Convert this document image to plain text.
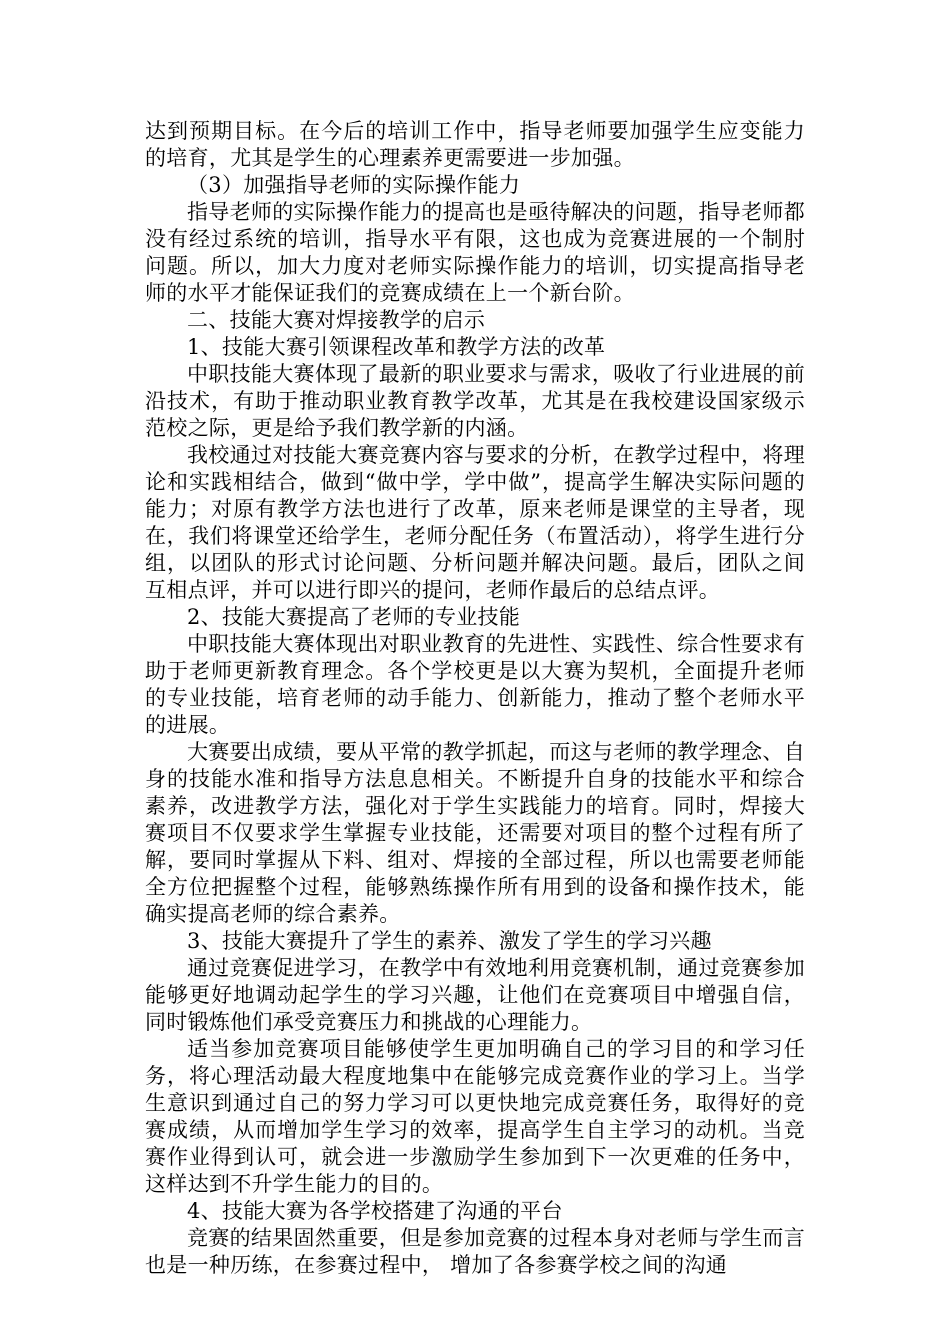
达到预期目标。在今后的培训工作中，指导老师要加强学生应变能力的培育，尤其是学生的心理素养更需要进一步加强。

（3）加强指导老师的实际操作能力

指导老师的实际操作能力的提高也是亟待解决的问题，指导老师都没有经过系统的培训，指导水平有限，这也成为竞赛进展的一个制肘问题。所以，加大力度对老师实际操作能力的培训，切实提高指导老师的水平才能保证我们的竞赛成绩在上一个新台阶。

二、技能大赛对焊接教学的启示

1、技能大赛引领课程改革和教学方法的改革

中职技能大赛体现了最新的职业要求与需求，吸收了行业进展的前沿技术，有助于推动职业教育教学改革，尤其是在我校建设国家级示范校之际，更是给予我们教学新的内涵。

我校通过对技能大赛竞赛内容与要求的分析，在教学过程中，将理论和实践相结合，做到“做中学，学中做”，提高学生解决实际问题的能力；对原有教学方法也进行了改革，原来老师是课堂的主导者，现在，我们将课堂还给学生，老师分配任务（布置活动），将学生进行分组，以团队的形式讨论问题、分析问题并解决问题。最后，团队之间互相点评，并可以进行即兴的提问，老师作最后的总结点评。

2、技能大赛提高了老师的专业技能

中职技能大赛体现出对职业教育的先进性、实践性、综合性要求有助于老师更新教育理念。各个学校更是以大赛为契机，全面提升老师的专业技能，培育老师的动手能力、创新能力，推动了整个老师水平的进展。

大赛要出成绩，要从平常的教学抓起，而这与老师的教学理念、自身的技能水准和指导方法息息相关。不断提升自身的技能水平和综合素养，改进教学方法，强化对于学生实践能力的培育。同时，焊接大赛项目不仅要求学生掌握专业技能，还需要对项目的整个过程有所了解，要同时掌握从下料、组对、焊接的全部过程，所以也需要老师能全方位把握整个过程，能够熟练操作所有用到的设备和操作技术，能确实提高老师的综合素养。

3、技能大赛提升了学生的素养、激发了学生的学习兴趣

通过竞赛促进学习，在教学中有效地利用竞赛机制，通过竞赛参加能够更好地调动起学生的学习兴趣，让他们在竞赛项目中增强自信，同时锻炼他们承受竞赛压力和挑战的心理能力。

适当参加竞赛项目能够使学生更加明确自己的学习目的和学习任务，将心理活动最大程度地集中在能够完成竞赛作业的学习上。当学生意识到通过自己的努力学习可以更快地完成竞赛任务，取得好的竞赛成绩，从而增加学生学习的效率，提高学生自主学习的动机。当竞赛作业得到认可，就会进一步激励学生参加到下一次更难的任务中，这样达到不升学生能力的目的。

4、技能大赛为各学校搭建了沟通的平台

竞赛的结果固然重要，但是参加竞赛的过程本身对老师与学生而言也是一种历练，在参赛过程中， 增加了各参赛学校之间的沟通
